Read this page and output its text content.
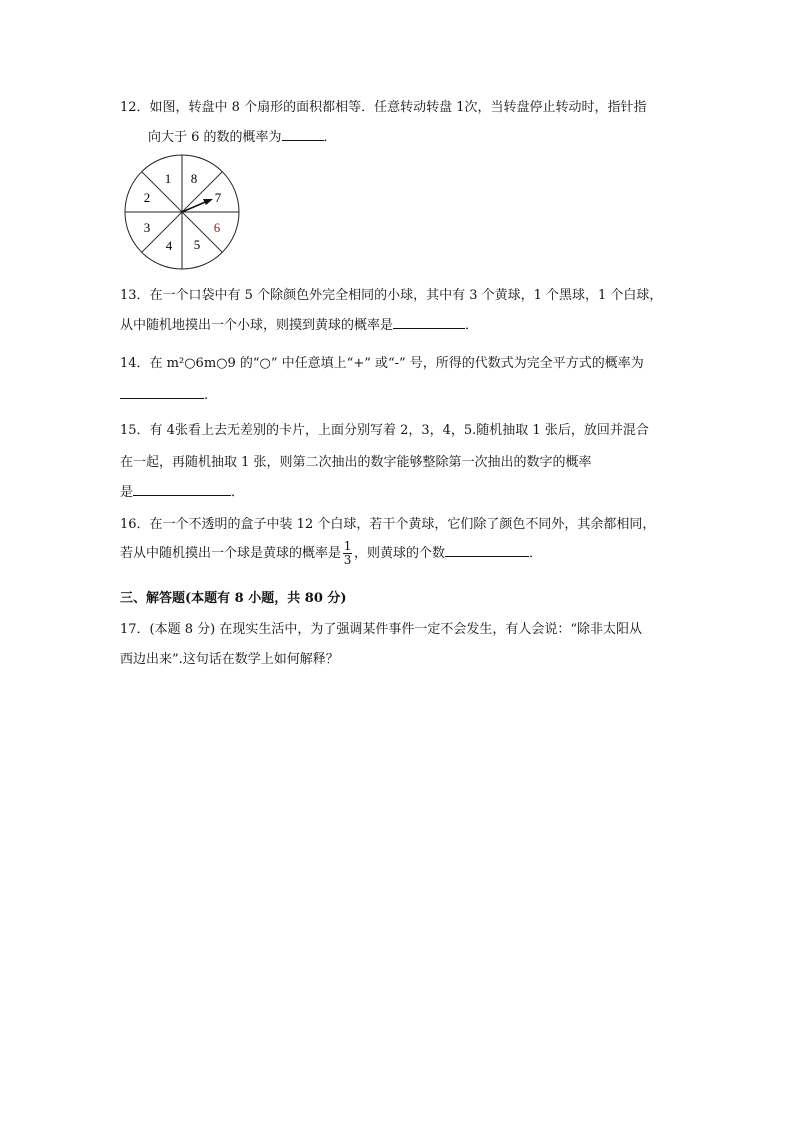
12．如图，转盘中 8 个扇形的面积都相等．任意转动转盘 1次，当转盘停止转动时，指针指
向大于 6 的数的概率为	．
1 8
7
6
5
4
3
2
13．在一个口袋中有 5 个除颜色外完全相同的小球，其中有 3 个黄球，1 个黑球，1 个白球，
从中随机地摸出一个小球，则摸到黄球的概率是	．
14．在 m²○6m○9 的“○” 中任意填上“+” 或“-” 号，所得的代数式为完全平方式的概率为
.
15．有 4张看上去无差别的卡片，上面分别写着 2，3，4，5.随机抽取 1 张后，放回并混合
在一起，再随机抽取 1 张，则第二次抽出的数字能够整除第一次抽出的数字的概率
是	．
16．在一个不透明的盒子中装 12 个白球，若干个黄球，它们除了颜色不同外，其余都相同，
若从中随机摸出一个球是黄球的概率是 $\frac{1}{3}$ ，则黄球的个数	．
三、解答题(本题有 8 小题，共 80 分)
17．(本题 8 分) 在现实生活中，为了强调某件事件一定不会发生，有人会说：“除非太阳从
西边出来”.这句话在数学上如何解释？
